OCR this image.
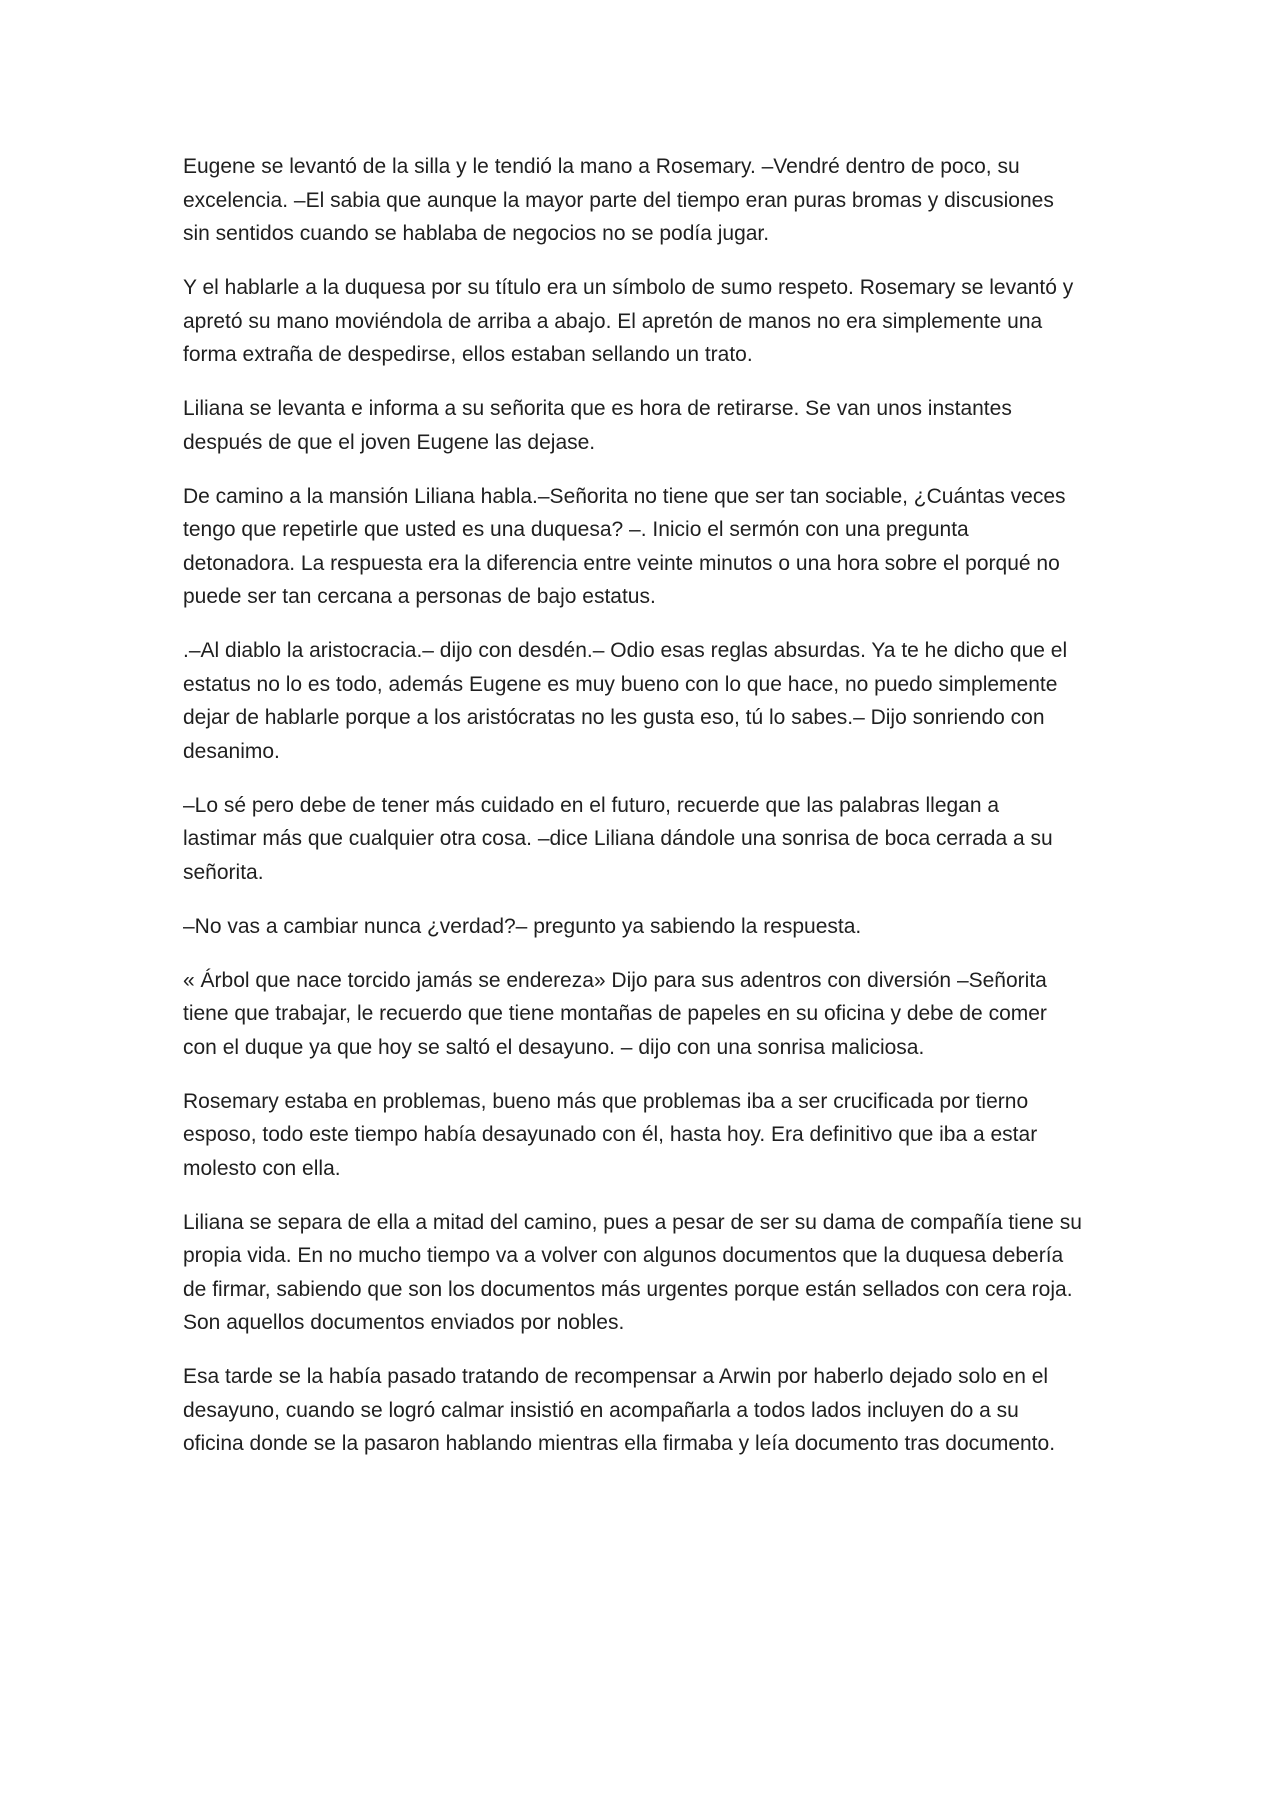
Eugene se levantó de la silla y le tendió la mano a Rosemary. –Vendré dentro de poco, su
excelencia. –El sabia que aunque la mayor parte del tiempo eran puras bromas y discusiones
sin sentidos cuando se hablaba de negocios no se podía jugar.

Y el hablarle a la duquesa por su título era un símbolo de sumo respeto. Rosemary se levantó y
apretó su mano moviéndola de arriba a abajo. El apretón de manos no era simplemente una
forma extraña de despedirse, ellos estaban sellando un trato.

Liliana se levanta e informa a su señorita que es hora de retirarse. Se van unos instantes
después de que el joven Eugene las dejase.

De camino a la mansión Liliana habla.–Señorita no tiene que ser tan sociable, ¿Cuántas veces
tengo que repetirle que usted es una duquesa? –. Inicio el sermón con una pregunta
detonadora. La respuesta era la diferencia entre veinte minutos o una hora sobre el porqué no
puede ser tan cercana a personas de bajo estatus.

.–Al diablo la aristocracia.– dijo con desdén.– Odio esas reglas absurdas. Ya te he dicho que el
estatus no lo es todo, además Eugene es muy bueno con lo que hace, no puedo simplemente
dejar de hablarle porque a los aristócratas no les gusta eso, tú lo sabes.– Dijo sonriendo con
desanimo.

–Lo sé pero debe de tener más cuidado en el futuro, recuerde que las palabras llegan a
lastimar más que cualquier otra cosa. –dice Liliana dándole una sonrisa de boca cerrada a su
señorita.

–No vas a cambiar nunca ¿verdad?– pregunto ya sabiendo la respuesta.

« Árbol que nace torcido jamás se endereza» Dijo para sus adentros con diversión –Señorita
tiene que trabajar, le recuerdo que tiene montañas de papeles en su oficina y debe de comer
con el duque ya que hoy se saltó el desayuno. – dijo con una sonrisa maliciosa.

Rosemary estaba en problemas, bueno más que problemas iba a ser crucificada por tierno
esposo, todo este tiempo había desayunado con él, hasta hoy. Era definitivo que iba a estar
molesto con ella.

Liliana se separa de ella a mitad del camino, pues a pesar de ser su dama de compañía tiene su
propia vida. En no mucho tiempo va a volver con algunos documentos que la duquesa debería
de firmar, sabiendo que son los documentos más urgentes porque están sellados con cera roja.
Son aquellos documentos enviados por nobles.

Esa tarde se la había pasado tratando de recompensar a Arwin por haberlo dejado solo en el
desayuno, cuando se logró calmar insistió en acompañarla a todos lados incluyen do a su
oficina donde se la pasaron hablando mientras ella firmaba y leía documento tras documento.
